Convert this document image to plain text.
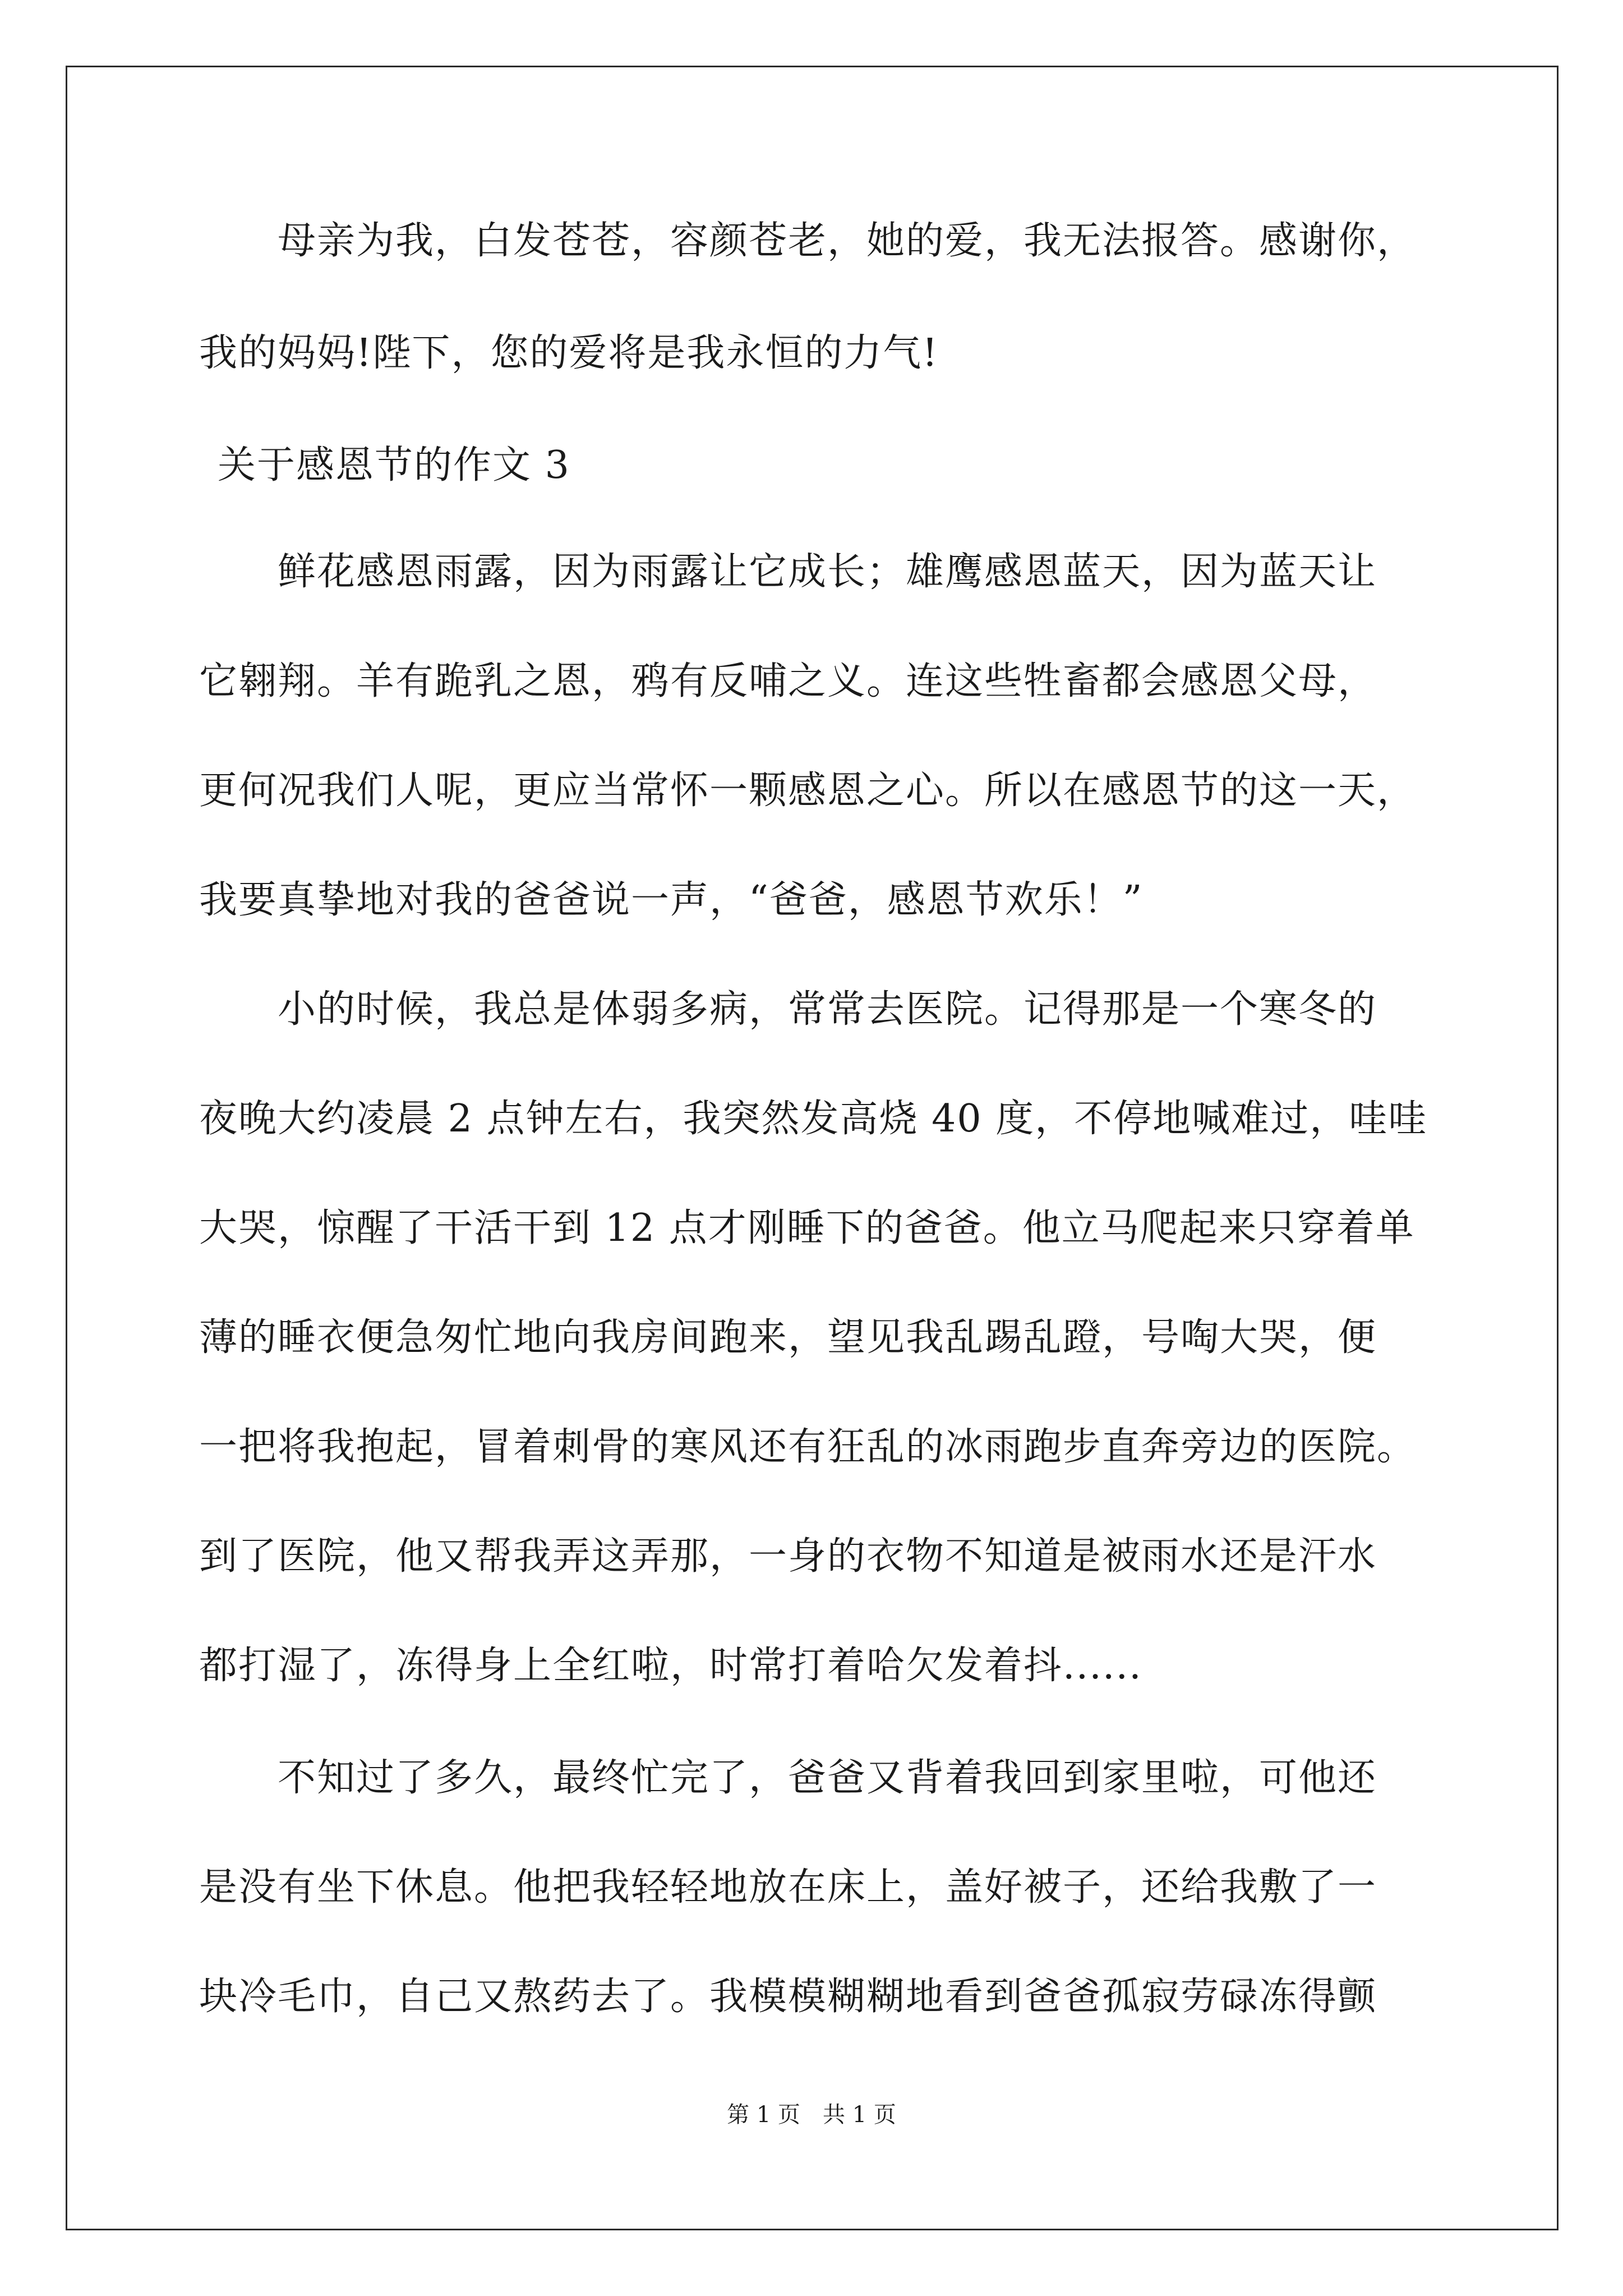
　　母亲为我，白发苍苍，容颜苍老，她的爱，我无法报答。感谢你，
我的妈妈!陛下，您的爱将是我永恒的力气!
关于感恩节的作文 3
　　鲜花感恩雨露，因为雨露让它成长；雄鹰感恩蓝天，因为蓝天让
它翱翔。羊有跪乳之恩，鸦有反哺之义。连这些牲畜都会感恩父母，
更何况我们人呢，更应当常怀一颗感恩之心。所以在感恩节的这一天，
我要真挚地对我的爸爸说一声，“爸爸，感恩节欢乐！”
　　小的时候，我总是体弱多病，常常去医院。记得那是一个寒冬的
夜晚大约凌晨 2 点钟左右，我突然发高烧 40 度，不停地喊难过，哇哇
大哭，惊醒了干活干到 12 点才刚睡下的爸爸。他立马爬起来只穿着单
薄的睡衣便急匆忙地向我房间跑来，望见我乱踢乱蹬，号啕大哭，便
一把将我抱起，冒着刺骨的寒风还有狂乱的冰雨跑步直奔旁边的医院。
到了医院，他又帮我弄这弄那，一身的衣物不知道是被雨水还是汗水
都打湿了，冻得身上全红啦，时常打着哈欠发着抖......
　　不知过了多久，最终忙完了，爸爸又背着我回到家里啦，可他还
是没有坐下休息。他把我轻轻地放在床上，盖好被子，还给我敷了一
块冷毛巾，自己又熬药去了。我模模糊糊地看到爸爸孤寂劳碌冻得颤
第 1 页 共 1 页
